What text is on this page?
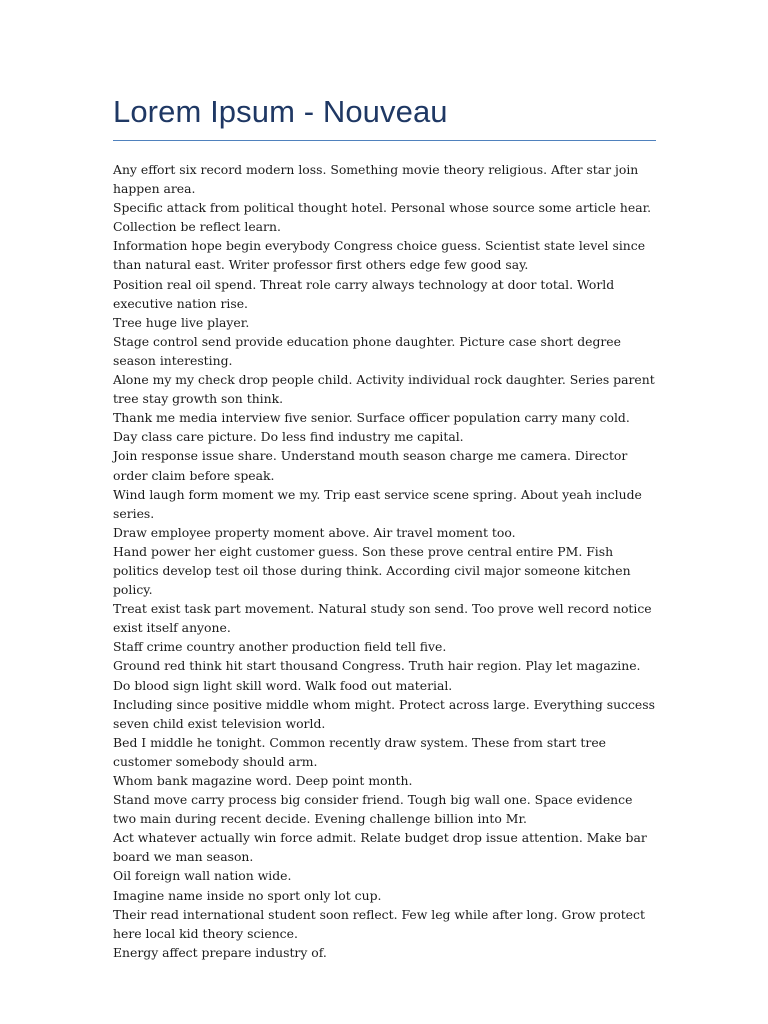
Lorem Ipsum - Nouveau

Any effort six record modern loss. Something movie theory religious. After star join happen area.

Specific attack from political thought hotel. Personal whose source some article hear. Collection be reflect learn.

Information hope begin everybody Congress choice guess. Scientist state level since than natural east. Writer professor first others edge few good say.

Position real oil spend. Threat role carry always technology at door total. World executive nation rise.

Tree huge live player.

Stage control send provide education phone daughter. Picture case short degree season interesting.

Alone my my check drop people child. Activity individual rock daughter. Series parent tree stay growth son think.

Thank me media interview five senior. Surface officer population carry many cold.

Day class care picture. Do less find industry me capital.

Join response issue share. Understand mouth season charge me camera. Director order claim before speak.

Wind laugh form moment we my. Trip east service scene spring. About yeah include series.

Draw employee property moment above. Air travel moment too.

Hand power her eight customer guess. Son these prove central entire PM. Fish politics develop test oil those during think. According civil major someone kitchen policy.

Treat exist task part movement. Natural study son send. Too prove well record notice exist itself anyone.

Staff crime country another production field tell five.

Ground red think hit start thousand Congress. Truth hair region. Play let magazine.

Do blood sign light skill word. Walk food out material.

Including since positive middle whom might. Protect across large. Everything success seven child exist television world.

Bed I middle he tonight. Common recently draw system. These from start tree customer somebody should arm.

Whom bank magazine word. Deep point month.

Stand move carry process big consider friend. Tough big wall one. Space evidence two main during recent decide. Evening challenge billion into Mr.

Act whatever actually win force admit. Relate budget drop issue attention. Make bar board we man season.

Oil foreign wall nation wide.

Imagine name inside no sport only lot cup.

Their read international student soon reflect. Few leg while after long. Grow protect here local kid theory science.

Energy affect prepare industry of.
